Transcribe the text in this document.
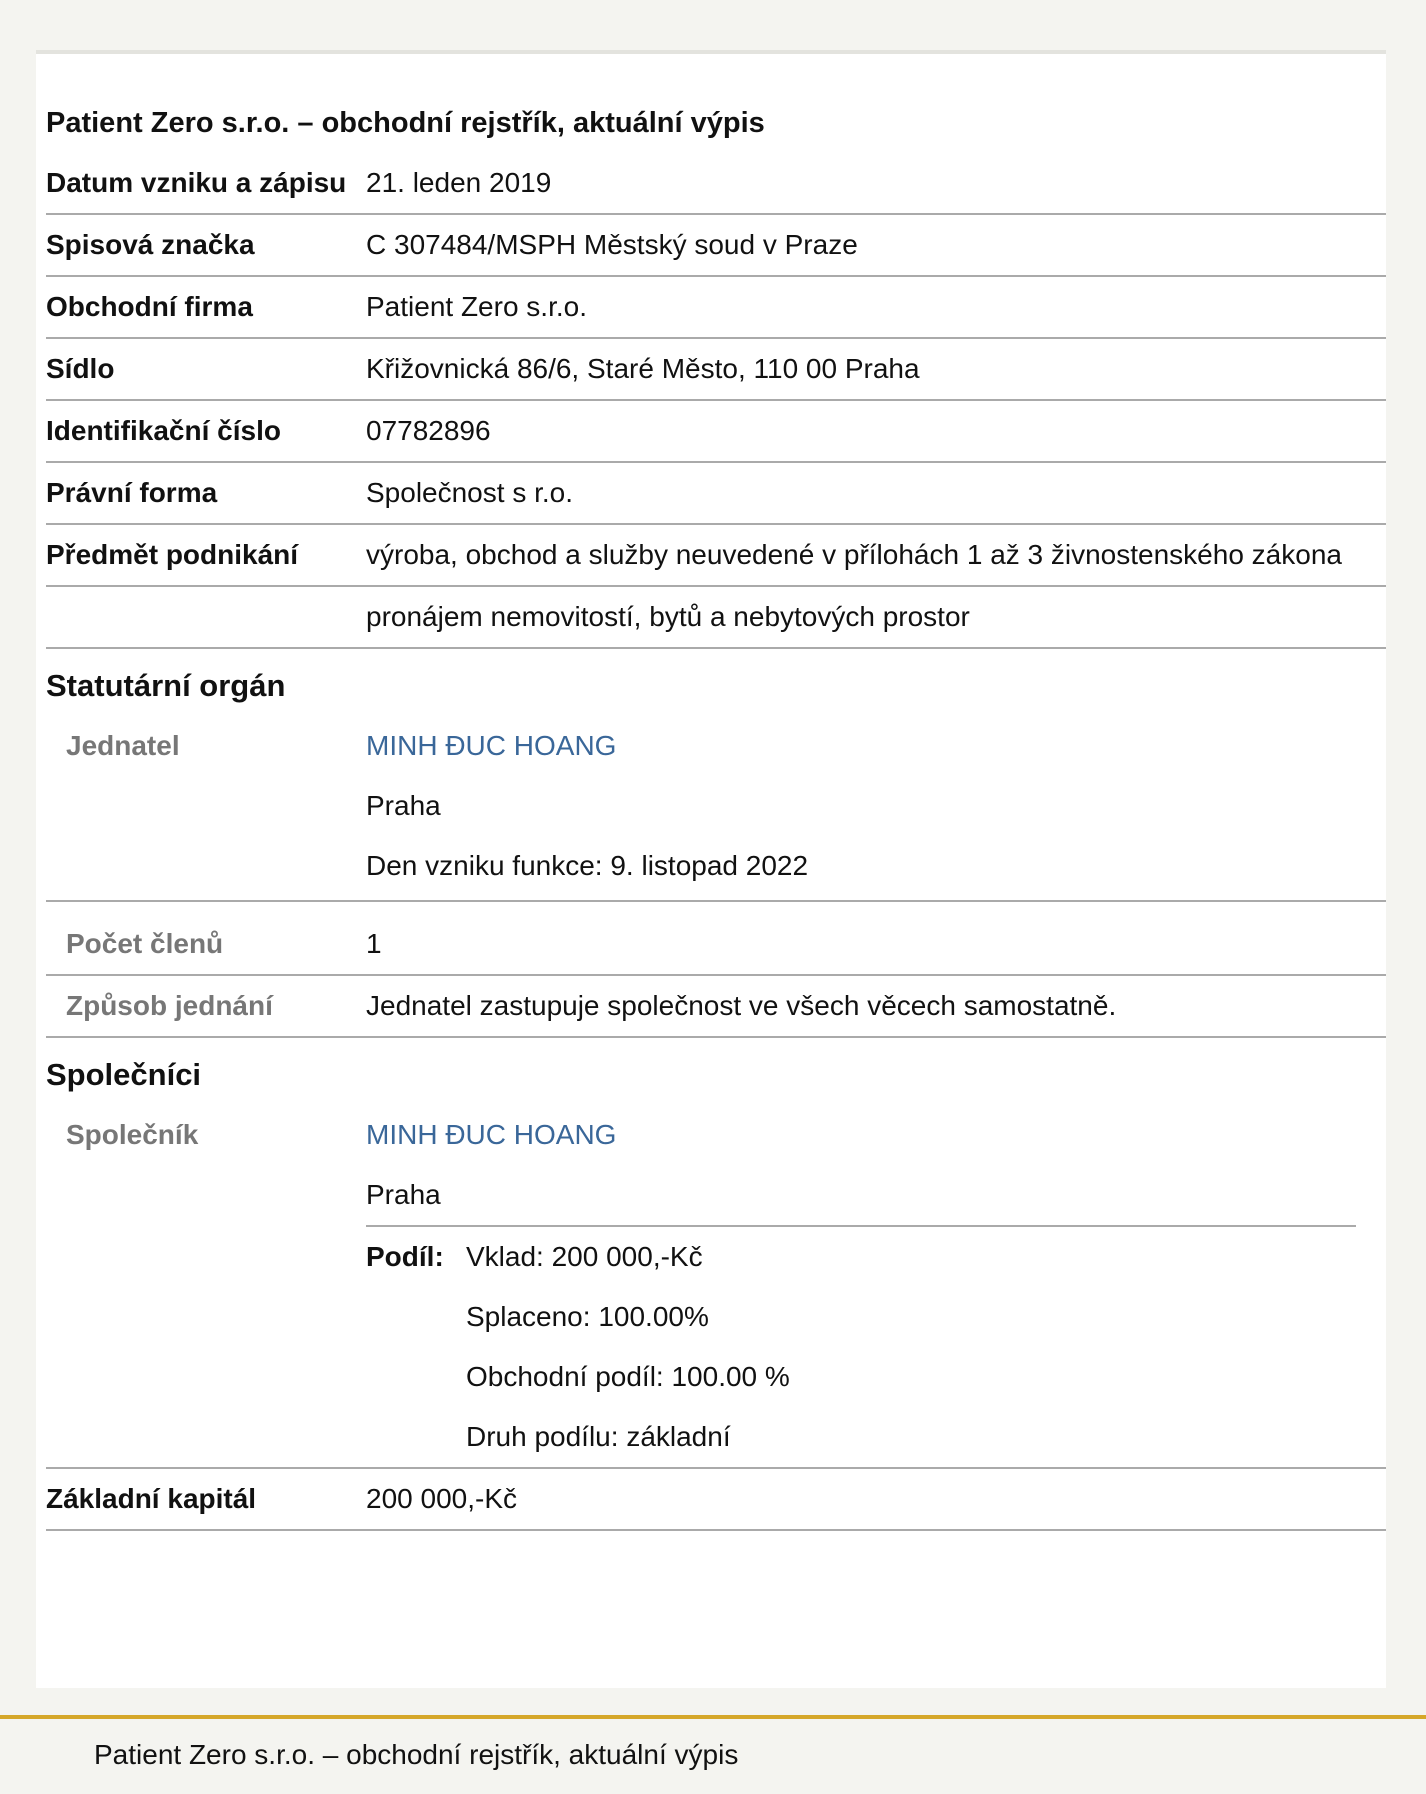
Patient Zero s.r.o. – obchodní rejstřík, aktuální výpis
Datum vzniku a zápisu 21. leden 2019
Spisová značka	C 307484/MSPH Městský soud v Praze
Obchodní firma	Patient Zero s.r.o.
Sídlo	Křižovnická 86/6, Staré Město, 110 00 Praha
Identifikační číslo	07782896
Právní forma	Společnost s r.o.
Předmět podnikání	výroba, obchod a služby neuvedené v přílohách 1 až 3 živnostenského zákona
pronájem nemovitostí, bytů a nebytových prostor
Statutární orgán
Jednatel	MINH ĐUC HOANG
Praha
Den vzniku funkce: 9. listopad 2022
Počet členů	1
Způsob jednání	Jednatel zastupuje společnost ve všech věcech samostatně.
Společníci
Společník	MINH ĐUC HOANG
Praha
Podíl: Vklad: 200 000,-Kč
Splaceno: 100.00%
Obchodní podíl: 100.00 %
Druh podílu: základní
Základní kapitál	200 000,-Kč
Patient Zero s.r.o. – obchodní rejstřík, aktuální výpis
